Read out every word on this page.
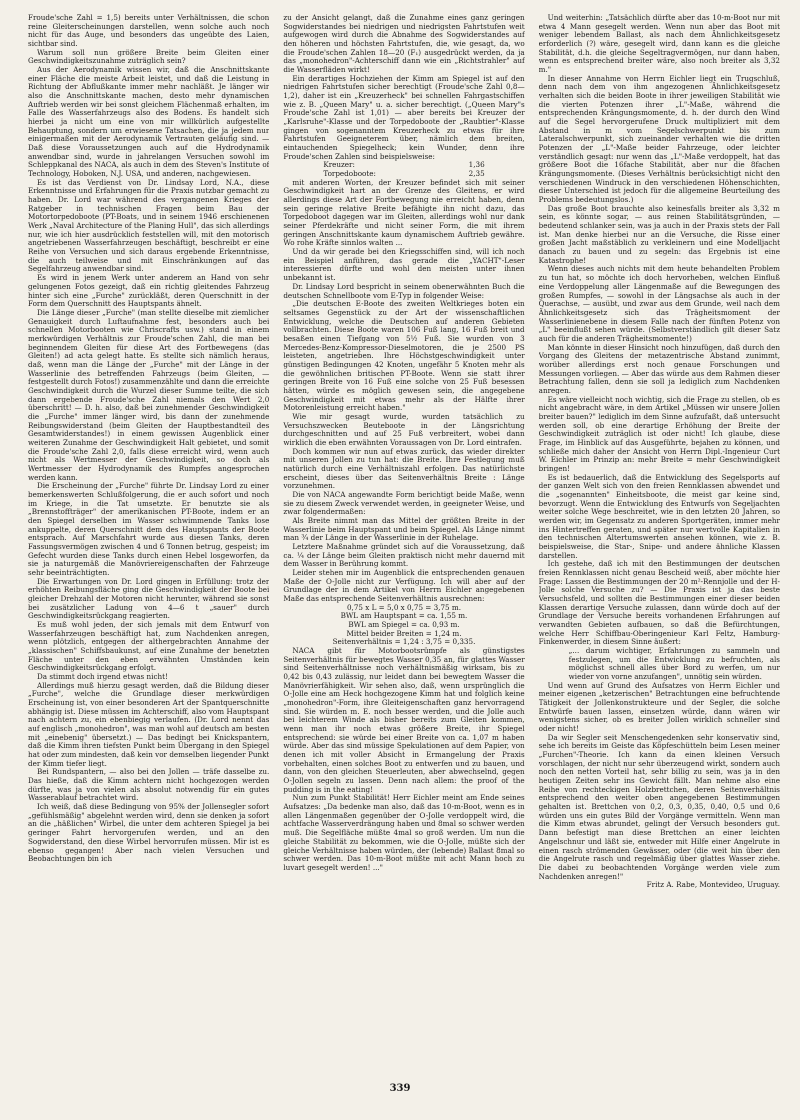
Froude'sche Zahl = 1,5) bereits unter Verhältnissen, die schon reine Gleiterscheinungen darstellen, wenn solche auch noch nicht für das Auge, und besonders das ungeübte des Laien, sichtbar sind.

Warum soll nun größere Breite beim Gleiten einer Geschwindigkeitszunahme zuträglich sein?

Aus der Aerodynamik wissen wir, daß die Anschnittskante einer Fläche die meiste Arbeit leistet, und daß die Leistung in Richtung der Abflußkante immer mehr nachläßt. Je länger wir also die Anschnittskante machen, desto mehr dynamischen Auftrieb werden wir bei sonst gleichem Flächenmaß erhalten, im Falle des Wasserfahrzeugs also des Bodens. Es handelt sich hierbei ja nicht um eine von mir willkürlich aufgestellte Behauptung, sondern um erwiesene Tatsachen, die ja jedem nur einigermaßen mit der Aerodynamik Vertrauten geläufig sind. — Daß diese Voraussetzungen auch auf die Hydrodynamik anwendbar sind, wurde in jahrelangen Versuchen sowohl im Schleppkanal des NACA, als auch in dem des Steven's Institute of Technology, Hoboken, N.J. USA, und anderen, nachgewiesen.

Es ist das Verdienst von Dr. Lindsay Lord, N.A., diese Erkenntnisse und Erfahrungen für die Praxis nutzbar gemacht zu haben. Dr. Lord war während des vergangenen Krieges der Ratgeber in technischen Fragen beim Bau der Motortorpedoboote (PT-Boats, und in seinem 1946 erschienenen Werk „Naval Architecture of the Planing Hull", das sich allerdings nur, wie ich hier ausdrücklich feststellen will, mit den motorisch angetriebenen Wasserfahrzeugen beschäftigt, beschreibt er eine Reihe von Versuchen und sich daraus ergebende Erkenntnisse, die auch teilweise und mit Einschränkungen auf das Segelfahrzeug anwendbar sind.

Es wird in jenem Werk unter anderem an Hand von sehr gelungenen Fotos gezeigt, daß ein richtig gleitendes Fahrzeug hinter sich eine „Furche" zurückläßt, deren Querschnitt in der Form dem Querschnitt des Hauptspants ähnelt.

Die Länge dieser „Furche" (man stellte dieselbe mit ziemlicher Genauigkeit durch Luftaufnahme fest, besonders auch bei schnellen Motorbooten wie Chriscrafts usw.) stand in einem merkwürdigen Verhältnis zur Froude'schen Zahl, die man bei beginnendem Gleiten für diese Art des Fortbewegens (das Gleiten!) ad acta gelegt hatte. Es stellte sich nämlich heraus, daß, wenn man die Länge der „Furche" mit der Länge in der Wasserlinie des betreffenden Fahrzeugs (beim Gleiten, — festgestellt durch Fotos!) zusammenzählte und dann die erreichte Geschwindigkeit durch die Wurzel dieser Summe teilte, die sich dann ergebende Froude'sche Zahl niemals den Wert 2,0 überschritt! — D. h. also, daß bei zunehmender Geschwindigkeit die „Furche" immer länger wird, bis dann der zunehmende Reibungswiderstand (beim Gleiten der Hauptbestandteil des Gesamtwiderstandes!) in einem gewissen Augenblick einer weiteren Zunahme der Geschwindigkeit Halt gebietet, und somit die Froude'sche Zahl 2,0, falls diese erreicht wird, wenn auch nicht als Wertmesser der Geschwindigkeit, so doch als Wertmesser der Hydrodynamik des Rumpfes angesprochen werden kann.

Die Erscheinung der „Furche" führte Dr. Lindsay Lord zu einer bemerkenswerten Schlußfolgerung, die er auch sofort und noch im Kriege, in die Tat umsetzte. Er benutzte sie als „Brennstoffträger" der amerikanischen PT-Boote, indem er an den Spiegel derselben im Wasser schwimmende Tanks lose ankuppelte, deren Querschnitt dem des Hauptspants der Boote entsprach. Auf Marschfahrt wurde aus diesen Tanks, deren Fassungsvermögen zwischen 4 und 6 Tonnen betrug, gespeist; im Gefecht wurden diese Tanks durch einen Hebel losgeworfen, da sie ja naturgemäß die Manövriereigenschaften der Fahrzeuge sehr beeinträchtigten.

Die Erwartungen von Dr. Lord gingen in Erfüllung: trotz der erhöhten Reibungsfläche ging die Geschwindigkeit der Boote bei gleicher Drehzahl der Motoren nicht herunter, während sie sonst bei zusätzlicher Ladung von 4—6 t „sauer" durch Geschwindigkeitsrückgang reagierten.

Es muß wohl jeden, der sich jemals mit dem Entwurf von Wasserfahrzeugen beschäftigt hat, zum Nachdenken anregen, wenn plötzlich, entgegen der althergebrachten Annahme der „klassischen" Schiffsbaukunst, auf eine Zunahme der benetzten Fläche unter den eben erwähnten Umständen kein Geschwindigkeitsrückgang erfolgt.

Da stimmt doch irgend etwas nicht!

Allerdings muß hierzu gesagt werden, daß die Bildung dieser „Furche", welche die Grundlage dieser merkwürdigen Erscheinung ist, von einer besonderen Art der Spantquerschnitte abhängig ist. Diese müssen im Achterschiff, also vom Hauptspant nach achtern zu, ein ebenbiegig verlaufen. (Dr. Lord nennt das auf englisch „monohedron", was man wohl auf deutsch am besten mit „einebenig" übersetzt.) — Das bedingt bei Knickspantern, daß die Kimm ihren tiefsten Punkt beim Übergang in den Spiegel hat oder zum mindesten, daß kein vor demselben liegender Punkt der Kimm tiefer liegt.

Bei Rundspantern, — also bei den Jollen — träfe dasselbe zu. Das hieße, daß die Kimm achtern nicht hochgezogen werden dürfte, was ja von vielen als absolut notwendig für ein gutes Wasserablauf betrachtet wird.

Ich weiß, daß diese Bedingung von 95% der Jollensegler sofort „gefühlsmäßig" abgelehnt werden wird, denn sie denken ja sofort an die „häßlichen" Wirbel, die unter dem achteren Spiegel ja bei geringer Fahrt hervorgerufen werden, und an den Sogwiderstand, den diese Wirbel hervorrufen müssen. Mir ist es ebenso gegangen! Aber nach vielen Versuchen und Beobachtungen bin ich

zu der Ansicht gelangt, daß die Zunahme eines ganz geringen Sogwiderstandes bei niedrigen und niedrigsten Fahrtstufen weit aufgewogen wird durch die Abnahme des Sogwiderstandes auf den höheren und höchsten Fahrtstufen, die, wie gesagt, da, wo die Froude'schen Zahlen 18—20 (F₁) ausgedrückt werden, da ja das „monohedron"-Achterschiff dann wie ein „Richtstrahler" auf die Wasserfläden wirkt!

Ein derartiges Hochziehen der Kimm am Spiegel ist auf den niedrigen Fahrtstufen sicher berechtigt (Froude'sche Zahl 0,8—1,2), daher ist ein „Kreuzerheck" bei schnellen Fahrgastschiffen wie z. B. „Queen Mary" u. a. sicher berechtigt. („Queen Mary"s Froude'sche Zahl ist 1,01) — aber bereits bei Kreuzer der „Karlsruhe"-Klasse und der Torpedoboote der „Raubtier"-Klasse gingen von sogenanntem Kreuzerheck zu etwas für ihre Fahrtstufen Geeigneterem über, nämlich dem breiten, eintauchenden Spiegelheck; kein Wunder, denn ihre Froude'schen Zahlen sind beispielsweise:

Kreuzer:	1,36
Torpedoboote:	2,35

mit anderen Worten, der Kreuzer befindet sich mit seiner Geschwindigkeit hart an der Grenze des Gleitens, er wird allerdings diese Art der Fortbewegung nie erreicht haben, denn sein geringe relative Breite befähigte ihn nicht dazu, das Torpedoboot dagegen war im Gleiten, allerdings wohl nur dank seiner Pferdekräfte und nicht seiner Form, die mit ihrem geringen Anschnittskante kaum dynamischem Auftrieb gewähre. Wo rohe Kräfte sinnlos walten ...

Und da wir gerade bei den Kriegsschiffen sind, will ich noch ein Beispiel anführen, das gerade die „YACHT"-Leser interessieren dürfte und wohl den meisten unter ihnen unbekannt ist.

Dr. Lindsay Lord bespricht in seinem obenerwähnten Buch die deutschen Schnellboote vom E-Typ in folgender Weise:

„Die deutschen E-Boote des zweiten Weltkrieges boten ein seltsames Gegenstück zu der Art der wissenschaftlichen Entwicklung, welche die Deutschen auf anderen Gebieten vollbrachten. Diese Boote waren 106 Fuß lang, 16 Fuß breit und besaßen einen Tiefgang von 5½ Fuß. Sie wurden von 3 Mercedes-Benz-Kompressor-Dieselmotoren, die je 2500 PS leisteten, angetrieben. Ihre Höchstgeschwindigkeit unter günstigen Bedingungen 42 Knoten, ungefähr 5 Knoten mehr als die gewöhnlichen britischen PT-Boote. Wenn sie statt ihrer geringen Breite von 16 Fuß eine solche von 25 Fuß besessen hätten, würde es möglich gewesen sein, die angegebene Geschwindigkeit mit etwas mehr als der Hälfte ihrer Motorenleistung erreicht haben."

Wie mir gesagt wurde, wurden tatsächlich zu Versuchszwecken Beuteboote in der Längsrichtung durchgeschnitten und auf 25 Fuß verbreitert, wobei dann wirklich die eben erwähnten Voraussagen von Dr. Lord eintrafen.

Doch kommen wir nun auf etwas zurück, das wieder direkter mit unseren Jollen zu tun hat: die Breite. Ihre Festlegung muß natürlich durch eine Verhältniszahl erfolgen. Das natürlichste erscheint, dieses über das Seitenverhältnis Breite : Länge vorzunehmen.

Die von NACA angewandte Form berichtigt beide Maße, wenn sie zu diesem Zweck verwendet werden, in geeigneter Weise, und zwar folgendermaßen:

Als Breite nimmt man das Mittel der größten Breite in der Wasserlinie beim Hauptspant und beim Spiegel. Als Länge nimmt man ¾ der Länge in der Wasserlinie in der Ruhelage.

Letztere Maßnahme gründet sich auf die Voraussetzung, daß ca. ¼ der Länge beim Gleiten praktisch nicht mehr dauernd mit dem Wasser in Berührung kommt.

Leider stehen mir im Augenblick die entsprechenden genauen Maße der O-Jolle nicht zur Verfügung. Ich will aber auf der Grundlage der in dem Artikel von Herrn Eichler angegebenen Maße das entsprechende Seitenverhältnis ausrechnen:

0,75 x L = 5,0 x 0,75 = 3,75 m.

BWL am Hauptspant = ca. 1,55 m.

BWL am Spiegel = ca. 0,93 m.

Mittel beider Breiten = 1,24 m.

Seitenverhältnis = 1,24 : 3,75 = 0,335.

NACA gibt für Motorbootsrümpfe als günstigstes Seitenverhältnis für bewegtes Wasser 0,35 an, für glattes Wasser sind Seitenverhältnisse noch verhältnismäßig wirksam, bis zu 0,42 bis 0,43 zulässig, nur leidet dann bei bewegtem Wasser die Manövrierfähigkeit. Wir sehen also, daß, wenn ursprünglich die O-Jolle eine am Heck hochgezogene Kimm hat und folglich keine „monohedron"-Form, ihre Gleiteigenschaften ganz hervorragend sind. Sie würden m. E. noch besser werden, und die Jolle auch bei leichterem Winde als bisher bereits zum Gleiten kommen, wenn man ihr noch etwas größere Breite, ihr Spiegel entsprechend: sie würde bei einer Breite von ca. 1,07 m haben würde. Aber das sind müssige Spekulationen auf dem Papier, von denen ich mit voller Absicht in Ermangelung der Praxis vorbehalten, einen solches Boot zu entwerfen und zu bauen, und dann, von den gleichen Steuerleuten, aber abwechselnd, gegen O-Jollen segeln zu lassen. Denn nach allem: the proof of the pudding is in the eating!

Nun zum Punkt Stabilität! Herr Eichler meint am Ende seines Aufsatzes: „Da bedenke man also, daß das 10-m-Boot, wenn es in allen Längenmaßen gegenüber der O-Jolle verdoppelt wird, die achtfache Wasserverdrängung haben und 8mal so schwer werden muß. Die Segelfläche müßte 4mal so groß werden. Um nun die gleiche Stabilität zu bekommen, wie die O-Jolle, müßte sich der gleiche Verhältnisse haben würden, der (lebende) Ballast 8mal so schwer werden. Das 10-m-Boot müßte mit acht Mann hoch zu luvart gesegelt werden! ..."

Und weiterhin: „Tatsächlich dürfte aber das 10-m-Boot nur mit etwa 4 Mann gesegelt werden. Wenn nun aber das Boot mit weniger lebendem Ballast, als nach dem Ähnlichkeitsgesetz erforderlich (?) wäre, gesegelt wird, dann kann es die gleiche Stabilität, d.h. die gleiche Segeltragvermögen, nur dann haben, wenn es entsprechend breiter wäre, also noch breiter als 3,32 m."

In dieser Annahme von Herrn Eichler liegt ein Trugschluß, denn nach dem von ihm angezogenen Ähnlichkeitsgesetz verhalten sich die beiden Boote in ihrer jeweiligen Stabilität wie die vierten Potenzen ihrer „L"-Maße, während die entsprechenden Krängungsmomente, d. h. der durch den Wind auf die Segel hervorgerufene Druck multipliziert mit dem Abstand in m vom Segelschwerpunkt bis zum Lateralschwerpunkt, sich zueinander verhalten wie die dritten Potenzen der „L"-Maße beider Fahrzeuge, oder leichter verständlich gesagt: nur wenn das „L"-Maße verdoppelt, hat das größere Boot die 16fache Stabilität, aber nur die 8fachen Krängungsmomente. (Dieses Verhältnis berücksichtigt nicht den verschiedenen Windruck in den verschiedenen Höhenschichten, dieser Unterschied ist jedoch für die allgemeine Beurteilung des Problems bedeutungslos.)

Das große Boot brauchte also keinesfalls breiter als 3,32 m sein, es könnte sogar, — aus reinen Stabilitätsgründen, — bedeutend schlanker sein, was ja auch in der Praxis stets der Fall ist. Man denke hierbei nur an die Versuche, die Risse einer großen Jacht maßstäblich zu verkleinern und eine Modelljacht danach zu bauen und zu segeln: das Ergebnis ist eine Katastrophe!

Wenn dieses auch nichts mit dem heute behandelten Problem zu tun hat, so möchte ich doch hervorheben, welchen Einfluß eine Verdoppelung aller Längenmaße auf die Bewegungen des großen Rumpfes, — sowohl in der Längsachse als auch in der Querachse, — ausübt, und zwar aus dem Grunde, weil nach dem Ähnlichkeitsgesetz sich das Trägheitsmoment der Wasserlinienebene in diesem Falle nach der fünften Potenz von „L" beeinflußt sehen würde. (Selbstverständlich gilt dieser Satz auch für die anderen Trägheitsmomente!)

Man könnte in dieser Hinsicht noch hinzufügen, daß durch den Vorgang des Gleitens der metazentrische Abstand zunimmt, worüber allerdings erst noch genaue Forschungen und Messungen vorliegen. — Aber das würde aus dem Rahmen dieser Betrachtung fallen, denn sie soll ja lediglich zum Nachdenken anregen.

Es wäre vielleicht noch wichtig, sich die Frage zu stellen, ob es nicht angebracht wäre, in dem Artikel „Müssen wir unsere Jollen breiter bauen?" lediglich im dem Sinne aufzufaßt, daß untersucht werden soll, ob eine derartige Erhöhung der Breite der Geschwindigkeit zuträglich ist oder nicht! Ich glaube, diese Frage, im Hinblick auf das Ausgeführte, bejahen zu können, und schließe mich daher der Ansicht von Herrn Dipl.-Ingenieur Curt W. Eichler im Prinzip an: mehr Breite = mehr Geschwindigkeit bringen!

Es ist bedauerlich, daß die Entwicklung des Segelsports auf der ganzen Welt sich von den freien Rennklassen abwendet und die „sogenannten" Einheitsboote, die meist gar keine sind, bevorzugt. Wenn die Entwicklung des Entwurfs von Segeljachten weiter solche Wege beschreitet, wie in den letzten 20 Jahren, so werden wir, im Gegensatz zu anderen Sportgeräten, immer mehr ins Hintertreffen geraten, und später nur wertvolle Kapitalien in den technischen Altertumswerten ansehen können, wie z. B. beispielsweise, die Star-, Snipe- und andere ähnliche Klassen darstellen.

Ich gestehe, daß ich mit den Bestimmungen der deutschen freien Rennklassen nicht genau Bescheid weiß, aber möchte hier Frage: Lassen die Bestimmungen der 20 m²-Rennjolle und der H-Jolle solche Versuche zu? — Die Praxis ist ja das beste Versuchsfeld, und sollten die Bestimmungen einer dieser beiden Klassen derartige Versuche zulassen, dann würde doch auf der Grundlage der Versuche bereits vorhandenen Erfahrungen auf verwandten Gebieten aufbauen, so daß die Befürchtungen, welche Herr Schiffbau-Oberingenieur Karl Feltz, Hamburg-Finkenwerder, in diesem Sinne äußert:

„... darum wichtiger, Erfahrungen zu sammeln und festzulegen, um die Entwicklung zu befruchten, als möglichst schnell alles über Bord zu werfen, um nur wieder von vorne anzufangen", unnötig sein würden.

Und wenn auf Grund des Aufsatzes von Herrn Eichler und meiner eigenen „ketzerischen" Betrachtungen eine befruchtende Tätigkeit der Jollenkonstrukteure und der Segler, die solche Entwürfe bauen lassen, einsetzen würde, dann wären wir wenigstens sicher, ob es breiter Jollen wirklich schneller sind oder nicht!

Da wir Segler seit Menschengedenken sehr konservativ sind, sehe ich bereits im Geiste das Köpfeschütteln beim Lesen meiner „Furchen"-Theorie. Ich kann da einen kleinen Versuch vorschlagen, der nicht nur sehr überzeugend wirkt, sondern auch noch den netten Vorteil hat, sehr billig zu sein, was ja in den heutigen Zeiten sehr ins Gewicht fällt. Man nehme also eine Reihe von rechteckigen Holzbrettchen, deren Seitenverhältnis entsprechend den weiter oben angegebenen Bestimmungen gehalten ist. Brettchen von 0,2, 0,3, 0,35, 0,40, 0,5 und 0,6 würden uns ein gutes Bild der Vorgänge vermitteln. Wenn man die Kimm etwas abrundet, gelingt der Versuch besonders gut. Dann befestigt man diese Brettchen an einer leichten Angelschnur und läßt sie, entweder mit Hilfe einer Angelrute in einen rasch strömenden Gewässer, oder (die weit hin über den die Angelrute rasch und regelmäßig über glattes Wasser ziehe. Die dabei zu beobachtenden Vorgänge werden viele zum Nachdenken anregen!"

Fritz A. Rabe, Montevideo, Uruguay.

339
